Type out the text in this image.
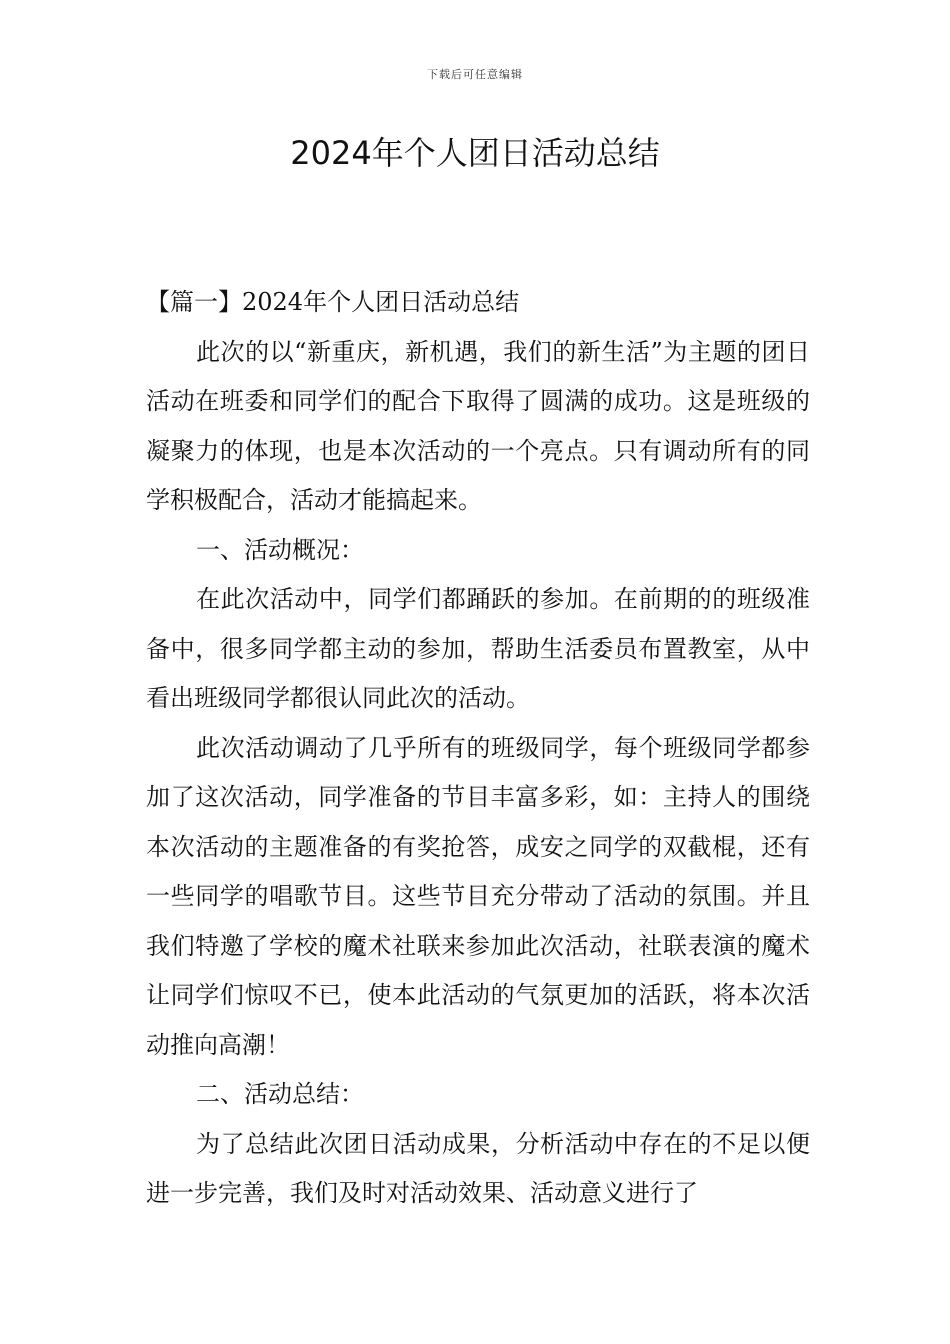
下载后可任意编辑
2024年个人团日活动总结

【篇一】2024年个人团日活动总结

此次的以“新重庆，新机遇，我们的新生活”为主题的团日活动在班委和同学们的配合下取得了圆满的成功。这是班级的凝聚力的体现，也是本次活动的一个亮点。只有调动所有的同学积极配合，活动才能搞起来。

一、活动概况：

在此次活动中，同学们都踊跃的参加。在前期的的班级准备中，很多同学都主动的参加，帮助生活委员布置教室，从中看出班级同学都很认同此次的活动。

此次活动调动了几乎所有的班级同学，每个班级同学都参加了这次活动，同学准备的节目丰富多彩，如：主持人的围绕本次活动的主题准备的有奖抢答，成安之同学的双截棍，还有一些同学的唱歌节目。这些节目充分带动了活动的氛围。并且我们特邀了学校的魔术社联来参加此次活动，社联表演的魔术让同学们惊叹不已，使本此活动的气氛更加的活跃，将本次活动推向高潮！

二、活动总结：

为了总结此次团日活动成果，分析活动中存在的不足以便进一步完善，我们及时对活动效果、活动意义进行了
